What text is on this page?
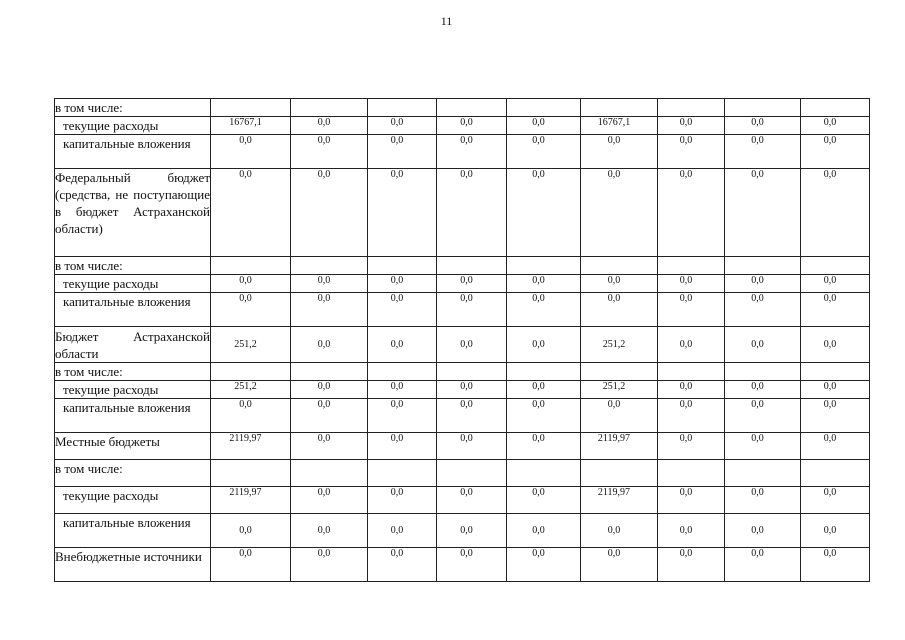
11
в том числе:	

текущие расходы	16767,1	0,0	0,0	0,0	0,0	16767,1	0,0	0,0	0,0

капитальные вложения	0,0	0,0	0,0	0,0	0,0	0,0	0,0	0,0	0,0

Федеральный бюджет (средства, не поступающие в бюджет Астраханской области)	0,0	0,0	0,0	0,0	0,0	0,0	0,0	0,0	0,0

в том числе:	

текущие расходы	0,0	0,0	0,0	0,0	0,0	0,0	0,0	0,0	0,0

капитальные вложения	0,0	0,0	0,0	0,0	0,0	0,0	0,0	0,0	0,0

Бюджет Астраханской области	251,2	0,0	0,0	0,0	0,0	251,2	0,0	0,0	0,0

в том числе:	

текущие расходы	251,2	0,0	0,0	0,0	0,0	251,2	0,0	0,0	0,0

капитальные вложения	0,0	0,0	0,0	0,0	0,0	0,0	0,0	0,0	0,0

Местные бюджеты	2119,97	0,0	0,0	0,0	0,0	2119,97	0,0	0,0	0,0

в том числе:	

текущие расходы	2119,97	0,0	0,0	0,0	0,0	2119,97	0,0	0,0	0,0

капитальные вложения	0,0	0,0	0,0	0,0	0,0	0,0	0,0	0,0	0,0

Внебюджетные источники	0,0	0,0	0,0	0,0	0,0	0,0	0,0	0,0	0,0
